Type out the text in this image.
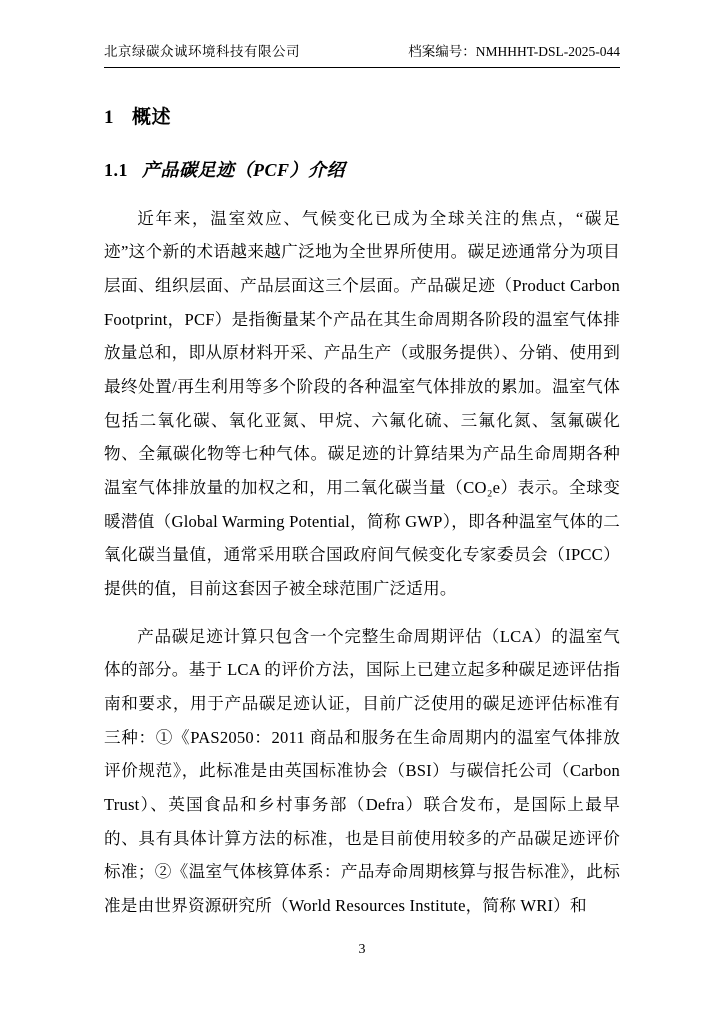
北京绿碳众诚环境科技有限公司	档案编号：NMHHHT-DSL-2025-044
1 概述
1.1 产品碳足迹（PCF）介绍

近年来，温室效应、气候变化已成为全球关注的焦点，“碳足迹”这个新的术语越来越广泛地为全世界所使用。碳足迹通常分为项目层面、组织层面、产品层面这三个层面。产品碳足迹（Product Carbon Footprint，PCF）是指衡量某个产品在其生命周期各阶段的温室气体排放量总和，即从原材料开采、产品生产（或服务提供）、分销、使用到最终处置/再生利用等多个阶段的各种温室气体排放的累加。温室气体包括二氧化碳、氧化亚氮、甲烷、六氟化硫、三氟化氮、氢氟碳化物、全氟碳化物等七种气体。碳足迹的计算结果为产品生命周期各种温室气体排放量的加权之和，用二氧化碳当量（CO₂e）表示。全球变暖潜值（Global Warming Potential，简称 GWP），即各种温室气体的二氧化碳当量值，通常采用联合国政府间气候变化专家委员会（IPCC）提供的值，目前这套因子被全球范围广泛适用。

产品碳足迹计算只包含一个完整生命周期评估（LCA）的温室气体的部分。基于 LCA 的评价方法，国际上已建立起多种碳足迹评估指南和要求，用于产品碳足迹认证，目前广泛使用的碳足迹评估标准有三种：①《PAS2050：2011 商品和服务在生命周期内的温室气体排放评价规范》，此标准是由英国标准协会（BSI）与碳信托公司（Carbon Trust）、英国食品和乡村事务部（Defra）联合发布，是国际上最早的、具有具体计算方法的标准，也是目前使用较多的产品碳足迹评价标准；②《温室气体核算体系：产品寿命周期核算与报告标准》，此标准是由世界资源研究所（World Resources Institute，简称 WRI）和

3
